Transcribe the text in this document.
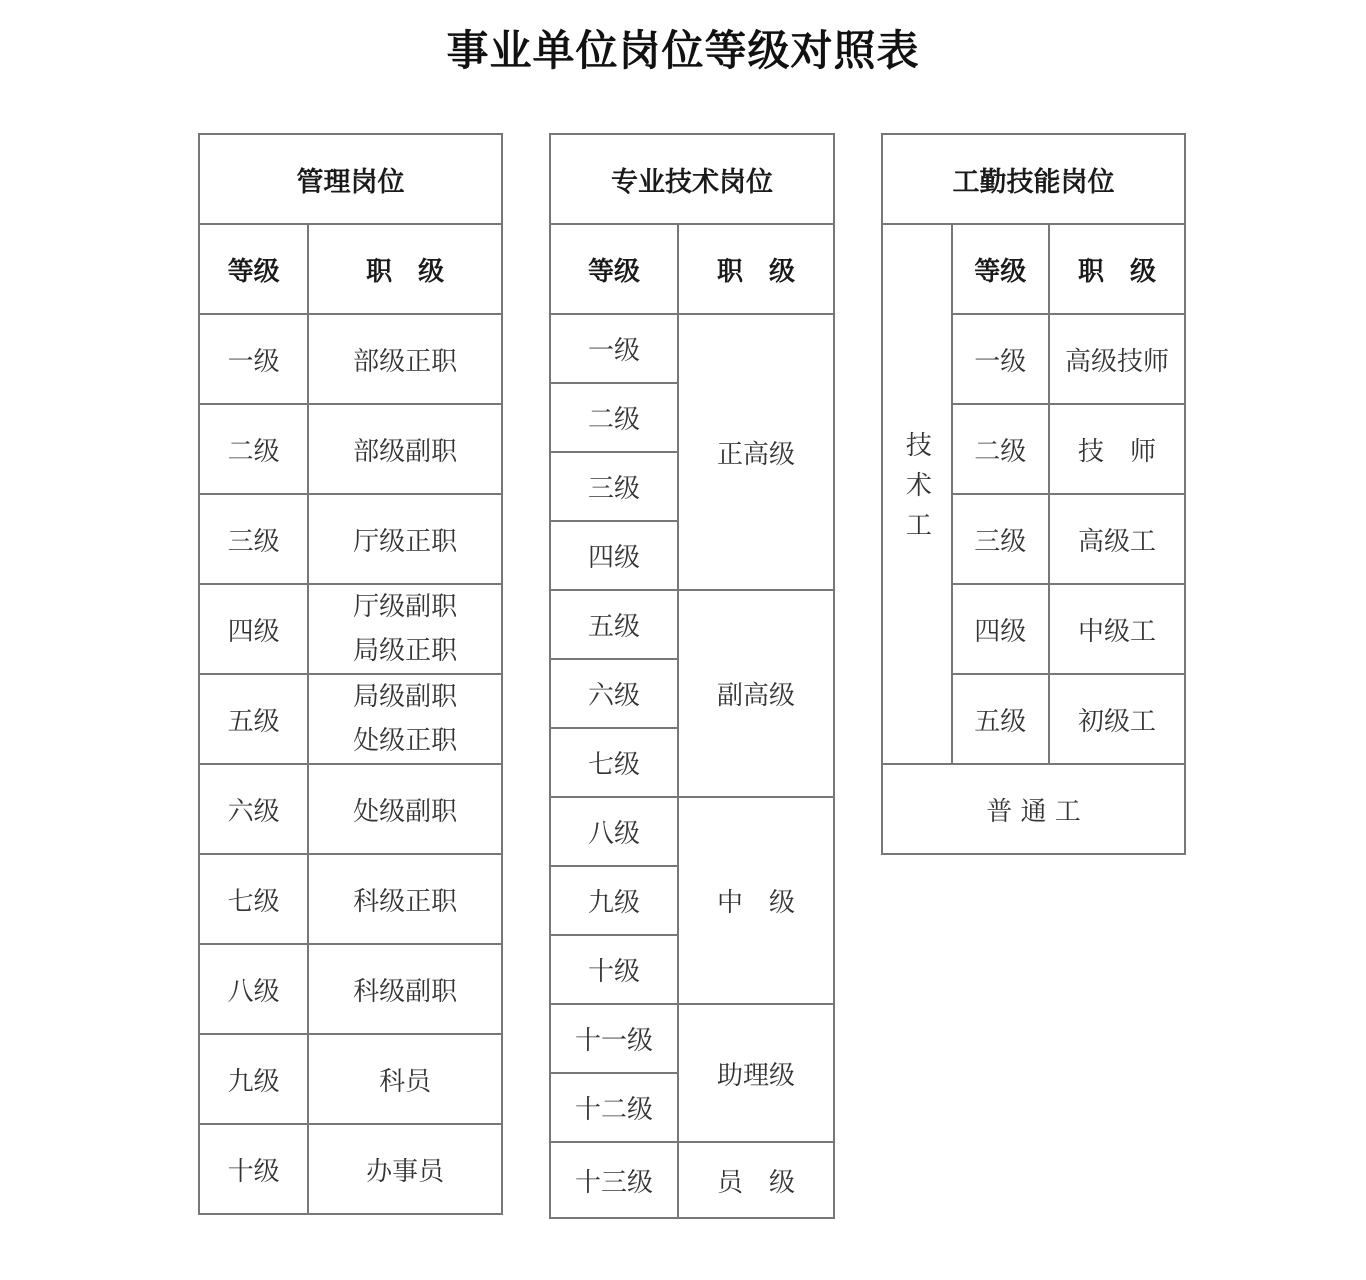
事业单位岗位等级对照表
管理岗位	
等级	职　级
一级	部级正职
二级	部级副职
三级	厅级正职
四级	厅级副职
局级正职

五级	局级副职
处级正职

六级	处级副职
七级	科级正职
八级	科级副职
九级	科员
十级	办事员
专业技术岗位	
等级	职　级
一级	正高级
二级	
三级	
四级	
五级	副高级
六级	
七级	
八级	中　级
九级	
十级	
十一级	助理级
十二级	
十三级	员　级
工勤技能岗位		
技术工	等级	职　级
	一级	高级技师
	二级	技　师
	三级	高级工
	四级	中级工
	五级	初级工
普 通 工		
